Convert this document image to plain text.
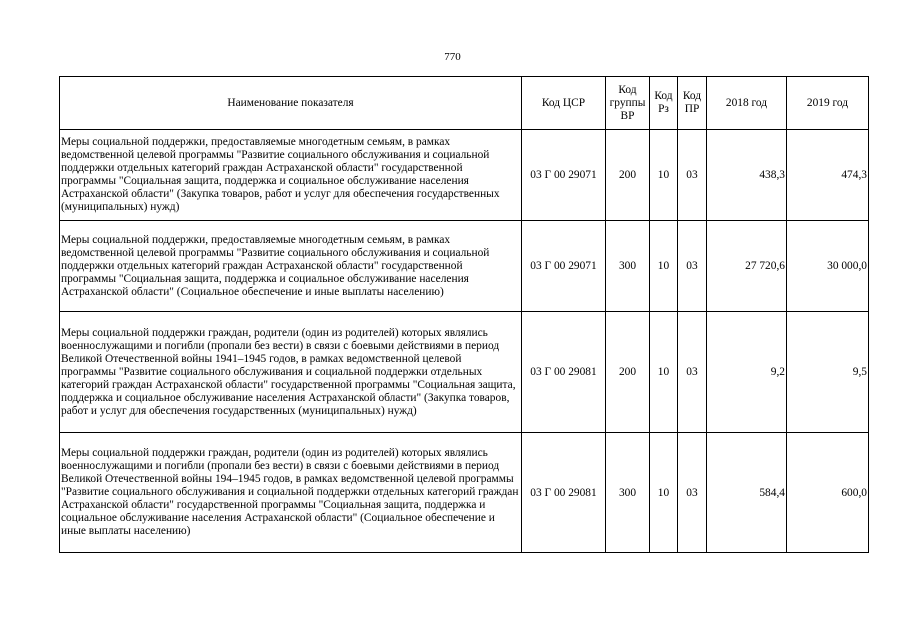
770
Наименование показателя	Код ЦСР	Код группы ВР	Код Рз	Код ПР	2018 год	2019 год
Меры социальной поддержки, предоставляемые многодетным семьям, в рамках ведомственной целевой программы "Развитие социального обслуживания и социальной поддержки отдельных категорий граждан Астраханской области" государственной программы "Социальная защита, поддержка и социальное обслуживание населения Астраханской области" (Закупка товаров, работ и услуг для обеспечения государственных (муниципальных) нужд)	03 Г 00 29071	200	10	03	438,3	474,3
Меры социальной поддержки, предоставляемые многодетным семьям, в рамках ведомственной целевой программы "Развитие социального обслуживания и социальной поддержки отдельных категорий граждан Астраханской области" государственной программы "Социальная защита, поддержка и социальное обслуживание населения Астраханской области" (Социальное обеспечение и иные выплаты населению)	03 Г 00 29071	300	10	03	27 720,6	30 000,0
Меры социальной поддержки граждан, родители (один из родителей) которых являлись военнослужащими и погибли (пропали без вести) в связи с боевыми действиями в период Великой Отечественной войны 1941–1945 годов, в рамках ведомственной целевой программы "Развитие социального обслуживания и социальной поддержки отдельных категорий граждан Астраханской области" государственной программы "Социальная защита, поддержка и социальное обслуживание населения Астраханской области" (Закупка товаров, работ и услуг для обеспечения государственных (муниципальных) нужд)	03 Г 00 29081	200	10	03	9,2	9,5
Меры социальной поддержки граждан, родители (один из родителей) которых являлись военнослужащими и погибли (пропали без вести) в связи с боевыми действиями в период Великой Отечественной войны 194–1945 годов, в рамках ведомственной целевой программы "Развитие социального обслуживания и социальной поддержки отдельных категорий граждан Астраханской области" государственной программы "Социальная защита, поддержка и социальное обслуживание населения Астраханской области" (Социальное обеспечение и иные выплаты населению)	03 Г 00 29081	300	10	03	584,4	600,0
